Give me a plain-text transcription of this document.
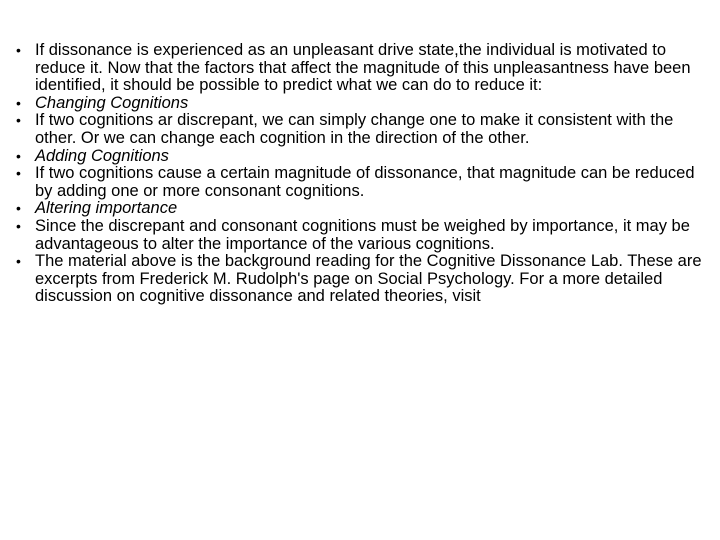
• If dissonance is experienced as an unpleasant drive state,the individual is motivated to reduce it. Now that the factors that affect the magnitude of this unpleasantness have been identified, it should be possible to predict what we can do to reduce it:
• Changing Cognitions
• If two cognitions ar discrepant, we can simply change one to make it consistent with the other. Or we can change each cognition in the direction of the other.
• Adding Cognitions
• If two cognitions cause a certain magnitude of dissonance, that magnitude can be reduced by adding one or more consonant cognitions.
• Altering importance
• Since the discrepant and consonant cognitions must be weighed by importance, it may be advantageous to alter the importance of the various cognitions.
• The material above is the background reading for the Cognitive Dissonance Lab. These are excerpts from Frederick M. Rudolph's page on Social Psychology. For a more detailed discussion on cognitive dissonance and related theories, visit
